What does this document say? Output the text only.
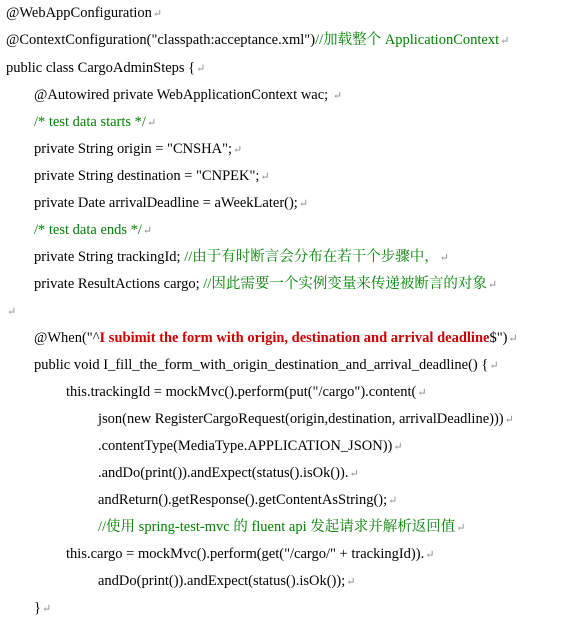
@WebAppConfiguration↵
@ContextConfiguration("classpath:acceptance.xml")//加载整个 ApplicationContext↵
public class CargoAdminSteps {↵
@Autowired private WebApplicationContext wac; ↵
/* test data starts */↵
private String origin = "CNSHA";↵
private String destination = "CNPEK";↵
private Date arrivalDeadline = aWeekLater();↵
/* test data ends */↵
private String trackingId; //由于有时断言会分布在若干个步骤中，↵
private ResultActions cargo; //因此需要一个实例变量来传递被断言的对象↵
↵
@When("^I subimit the form with origin, destination and arrival deadline$")↵
public void I_fill_the_form_with_origin_destination_and_arrival_deadline() {↵
this.trackingId = mockMvc().perform(put("/cargo").content(↵
json(new RegisterCargoRequest(origin,destination, arrivalDeadline)))↵
.contentType(MediaType.APPLICATION_JSON))↵
.andDo(print()).andExpect(status().isOk()).↵
andReturn().getResponse().getContentAsString();↵
//使用 spring-test-mvc 的 fluent api 发起请求并解析返回值↵
this.cargo = mockMvc().perform(get("/cargo/" + trackingId)).↵
andDo(print()).andExpect(status().isOk());↵
}↵
